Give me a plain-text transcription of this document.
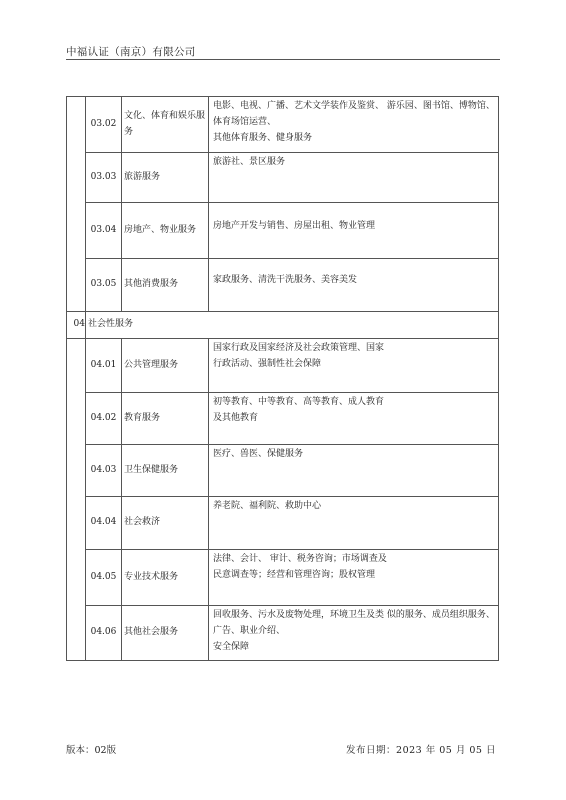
中福认证（南京）有限公司
	03.02	文化、体育和娱乐服务	电影、电视、广播、艺术文学装作及鉴赏、 游乐园、图书馆、博物馆、体育场馆运营、
其他体育服务、健身服务

	03.03	旅游服务	旅游社、景区服务

	03.04	房地产、物业服务	房地产开发与销售、房屋出租、物业管理

	03.05	其他消费服务	家政服务、清洗干洗服务、美容美发

04	社会性服务		
	04.01	公共管理服务	国家行政及国家经济及社会政策管理、国家
行政活动、强制性社会保障

	04.02	教育服务	初等教育、中等教育、高等教育、成人教育
及其他教育

	04.03	卫生保健服务	医疗、兽医、保健服务

	04.04	社会救济	养老院、福利院、救助中心

	04.05	专业技术服务	法律、会计、 审计、税务咨询；市场调查及
民意调查等；经营和管理咨询；股权管理

	04.06	其他社会服务	回收服务、污水及废物处理，环境卫生及类 似的服务、成员组织服务、广告、职业介绍、
安全保障
版本：02版	发布日期：2023 年 05 月 05 日
